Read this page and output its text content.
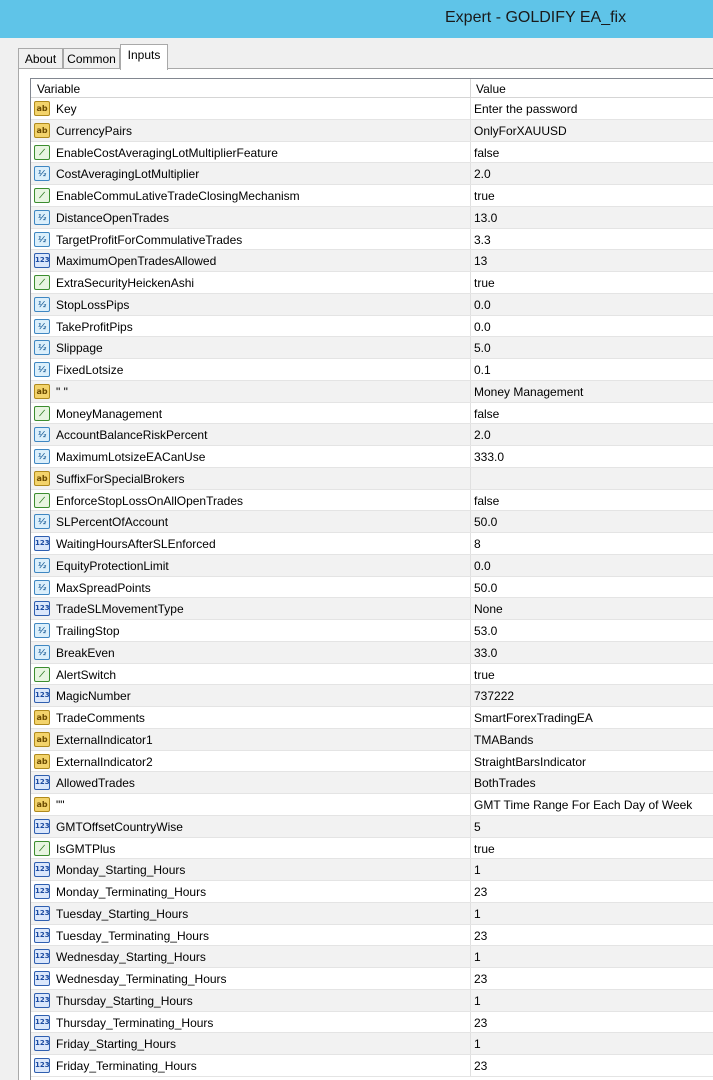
Expert - GOLDIFY EA_fix
About Common Inputs
Variable	Value
ab Key	Enter the password
ab CurrencyPairs	OnlyForXAUUSD
⟋ EnableCostAveragingLotMultiplierFeature	false
½ CostAveragingLotMultiplier	2.0
⟋ EnableCommuLativeTradeClosingMechanism	true
½ DistanceOpenTrades	13.0
½ TargetProfitForCommulativeTrades	3.3
123 MaximumOpenTradesAllowed	13
⟋ ExtraSecurityHeickenAshi	true
½ StopLossPips	0.0
½ TakeProfitPips	0.0
½ Slippage	5.0
½ FixedLotsize	0.1
ab " "	Money Management
⟋ MoneyManagement	false
½ AccountBalanceRiskPercent	2.0
½ MaximumLotsizeEACanUse	333.0
ab SuffixForSpecialBrokers
⟋ EnforceStopLossOnAllOpenTrades	false
½ SLPercentOfAccount	50.0
123 WaitingHoursAfterSLEnforced	8
½ EquityProtectionLimit	0.0
½ MaxSpreadPoints	50.0
123 TradeSLMovementType	None
½ TrailingStop	53.0
½ BreakEven	33.0
⟋ AlertSwitch	true
123 MagicNumber	737222
ab TradeComments	SmartForexTradingEA
ab ExternalIndicator1	TMABands
ab ExternalIndicator2	StraightBarsIndicator
123 AllowedTrades	BothTrades
ab ""	GMT Time Range For Each Day of Week
123 GMTOffsetCountryWise	5
⟋ IsGMTPlus	true
123 Monday_Starting_Hours	1
123 Monday_Terminating_Hours	23
123 Tuesday_Starting_Hours	1
123 Tuesday_Terminating_Hours	23
123 Wednesday_Starting_Hours	1
123 Wednesday_Terminating_Hours	23
123 Thursday_Starting_Hours	1
123 Thursday_Terminating_Hours	23
123 Friday_Starting_Hours	1
123 Friday_Terminating_Hours	23
